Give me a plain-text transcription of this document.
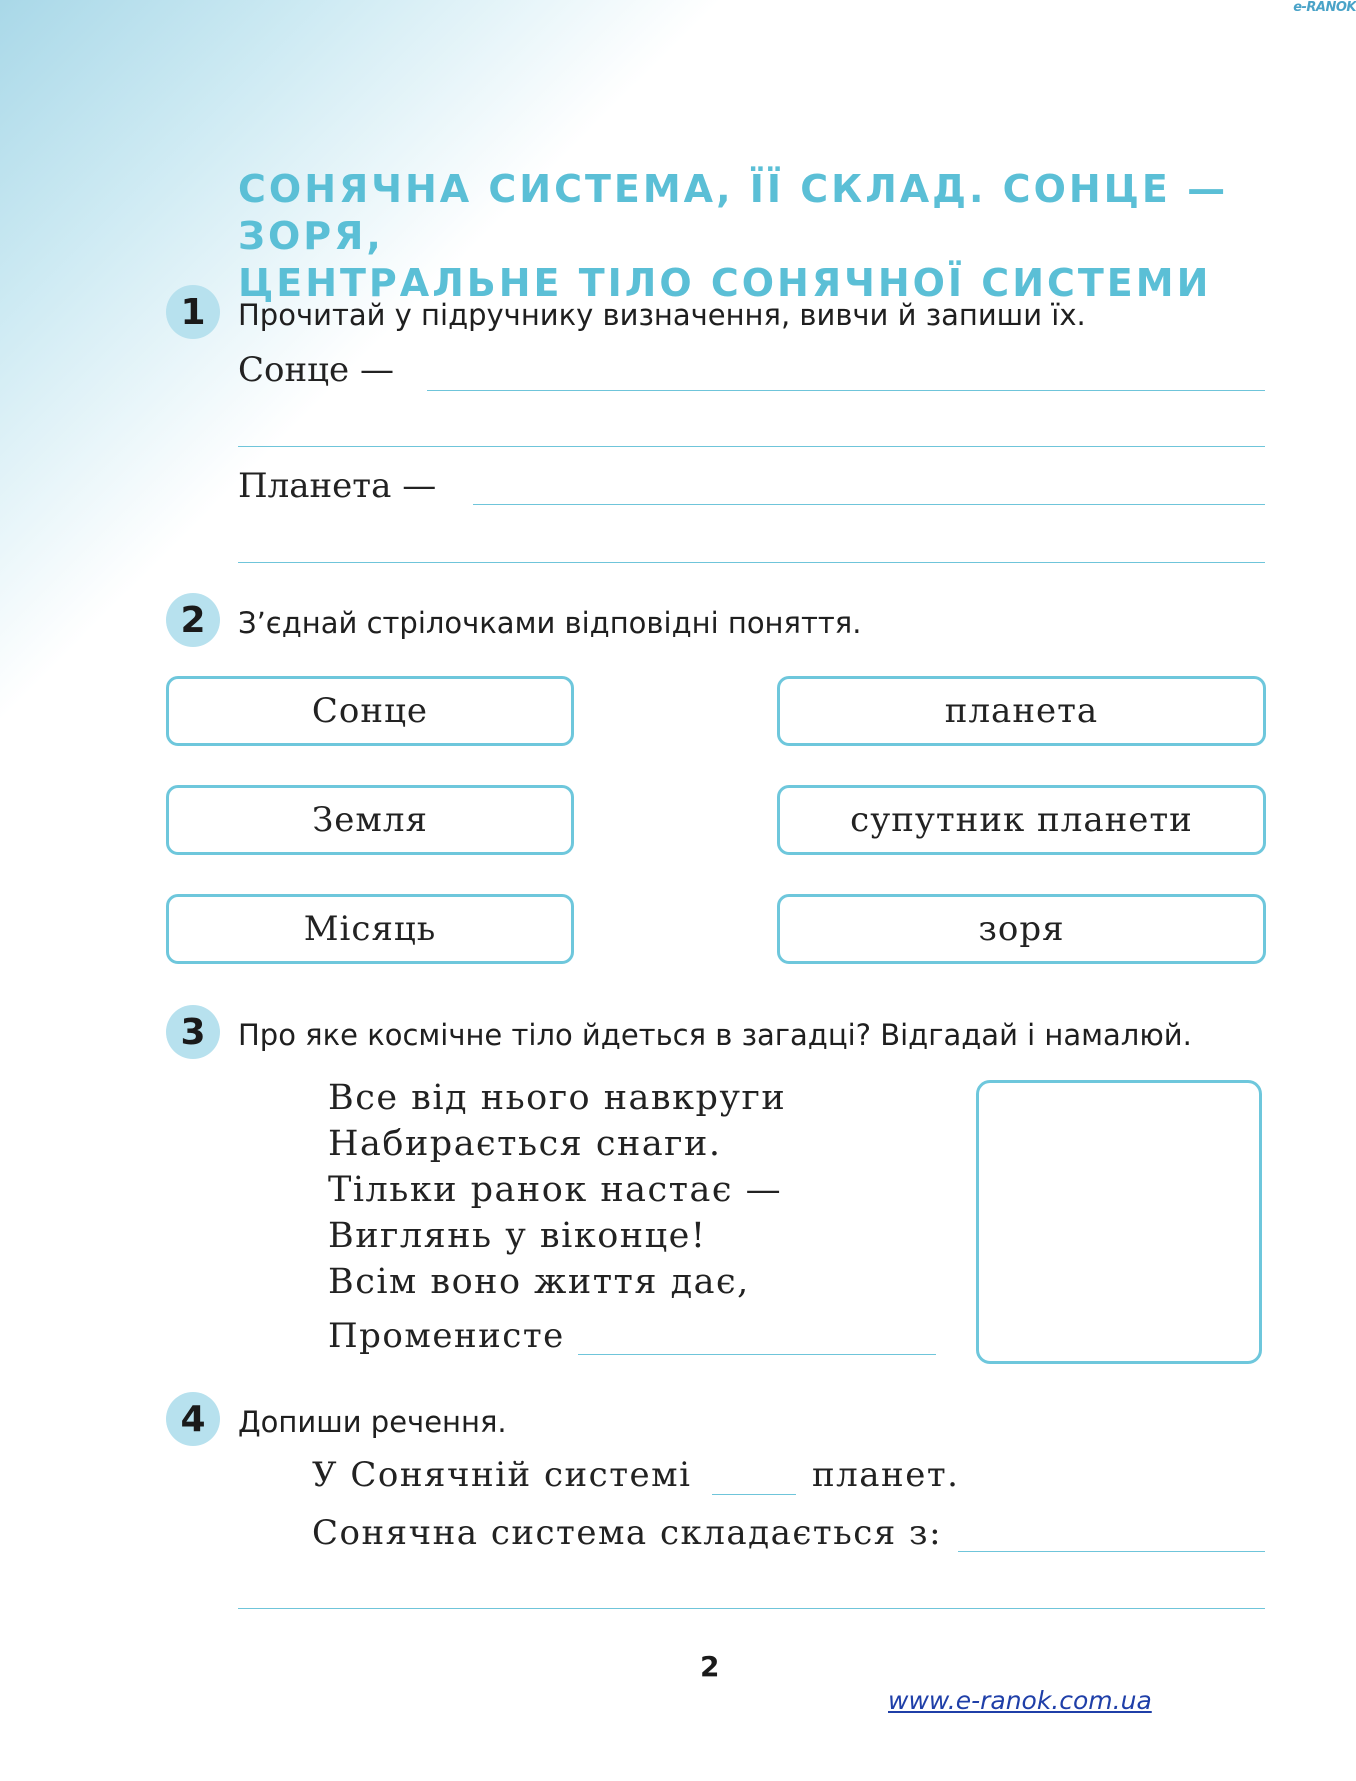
e-RANOK
СОНЯЧНА СИСТЕМА, ЇЇ СКЛАД. СОНЦЕ — ЗОРЯ,
ЦЕНТРАЛЬНЕ ТІЛО СОНЯЧНОЇ СИСТЕМИ
1	Прочитай у підручнику визначення, вивчи й запиши їх.
Сонце —
Планета —
2	З’єднай стрілочками відповідні поняття.
Сонце
Земля
Місяць
планета
супутник планети
зоря
3	Про яке космічне тіло йдеться в загадці? Відгадай і намалюй.
Все від нього навкруги
Набирається снаги.
Тільки ранок настає —
Виглянь у віконце!
Всім воно життя дає,
Променисте
4	Допиши речення.
У Сонячній системі	планет.
Сонячна система складається з:
2
www.e-ranok.com.ua
